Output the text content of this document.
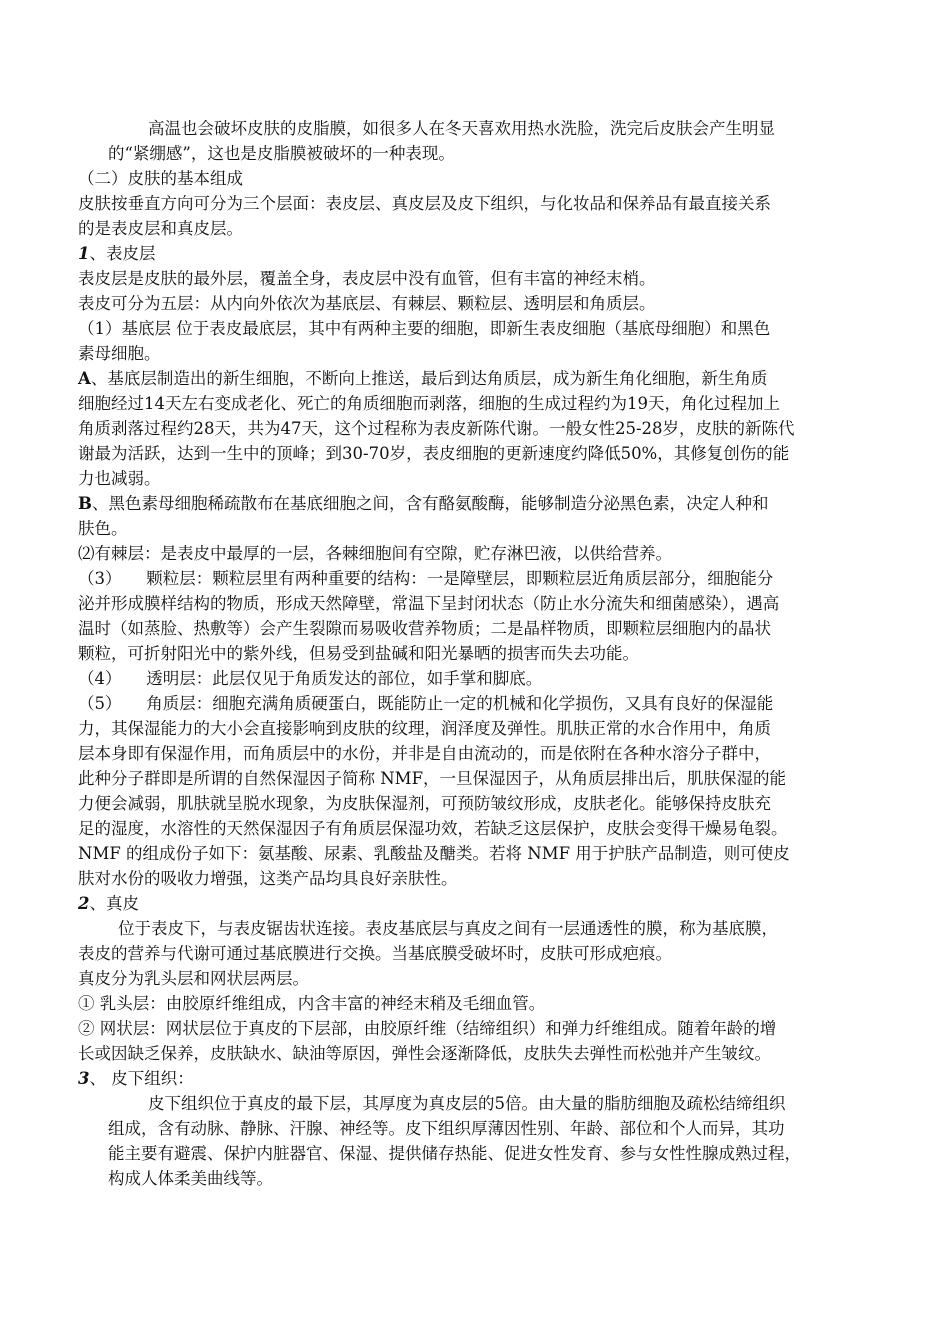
高温也会破坏皮肤的皮脂膜，如很多人在冬天喜欢用热水洗脸，洗完后皮肤会产生明显
的“紧绷感”，这也是皮脂膜被破坏的一种表现。
（二）皮肤的基本组成
皮肤按垂直方向可分为三个层面：表皮层、真皮层及皮下组织，与化妆品和保养品有最直接关系
的是表皮层和真皮层。
1、表皮层
表皮层是皮肤的最外层，覆盖全身，表皮层中没有血管，但有丰富的神经末梢。
表皮可分为五层：从内向外依次为基底层、有棘层、颗粒层、透明层和角质层。
（1）基底层 位于表皮最底层，其中有两种主要的细胞，即新生表皮细胞（基底母细胞）和黑色
素母细胞。
A、基底层制造出的新生细胞，不断向上推送，最后到达角质层，成为新生角化细胞，新生角质
细胞经过14天左右变成老化、死亡的角质细胞而剥落，细胞的生成过程约为19天，角化过程加上
角质剥落过程约28天，共为47天，这个过程称为表皮新陈代谢。一般女性25-28岁，皮肤的新陈代
谢最为活跃，达到一生中的顶峰；到30-70岁，表皮细胞的更新速度约降低50%，其修复创伤的能
力也减弱。
B、黑色素母细胞稀疏散布在基底细胞之间，含有酪氨酸酶，能够制造分泌黑色素，决定人种和
肤色。
⑵有棘层：是表皮中最厚的一层，各棘细胞间有空隙，贮存淋巴液，以供给营养。
（3）　　颗粒层：颗粒层里有两种重要的结构：一是障壁层，即颗粒层近角质层部分，细胞能分
泌并形成膜样结构的物质，形成天然障壁，常温下呈封闭状态（防止水分流失和细菌感染），遇高
温时（如蒸脸、热敷等）会产生裂隙而易吸收营养物质；二是晶样物质，即颗粒层细胞内的晶状
颗粒，可折射阳光中的紫外线，但易受到盐碱和阳光暴晒的损害而失去功能。
（4）　　透明层：此层仅见于角质发达的部位，如手掌和脚底。
（5）　　角质层：细胞充满角质硬蛋白，既能防止一定的机械和化学损伤，又具有良好的保湿能
力，其保湿能力的大小会直接影响到皮肤的纹理，润泽度及弹性。肌肤正常的水合作用中，角质
层本身即有保湿作用，而角质层中的水份，并非是自由流动的，而是依附在各种水溶分子群中，
此种分子群即是所谓的自然保湿因子简称 NMF，一旦保湿因子，从角质层排出后，肌肤保湿的能
力便会减弱，肌肤就呈脱水现象，为皮肤保湿剂，可预防皱纹形成，皮肤老化。能够保持皮肤充
足的湿度，水溶性的天然保湿因子有角质层保湿功效，若缺乏这层保护，皮肤会变得干燥易龟裂。
NMF 的组成份子如下：氨基酸、尿素、乳酸盐及醣类。若将 NMF 用于护肤产品制造，则可使皮
肤对水份的吸收力增强，这类产品均具良好亲肤性。
2、真皮
位于表皮下，与表皮锯齿状连接。表皮基底层与真皮之间有一层通透性的膜，称为基底膜，
表皮的营养与代谢可通过基底膜进行交换。当基底膜受破坏时，皮肤可形成疤痕。
真皮分为乳头层和网状层两层。
① 乳头层：由胶原纤维组成，内含丰富的神经末稍及毛细血管。
② 网状层：网状层位于真皮的下层部，由胶原纤维（结缔组织）和弹力纤维组成。随着年龄的增
长或因缺乏保养，皮肤缺水、缺油等原因，弹性会逐渐降低，皮肤失去弹性而松弛并产生皱纹。
3、 皮下组织：
皮下组织位于真皮的最下层，其厚度为真皮层的5倍。由大量的脂肪细胞及疏松结缔组织
组成，含有动脉、静脉、汗腺、神经等。皮下组织厚薄因性别、年龄、部位和个人而异，其功
能主要有避震、保护内脏器官、保湿、提供储存热能、促进女性发育、参与女性性腺成熟过程，
构成人体柔美曲线等。
